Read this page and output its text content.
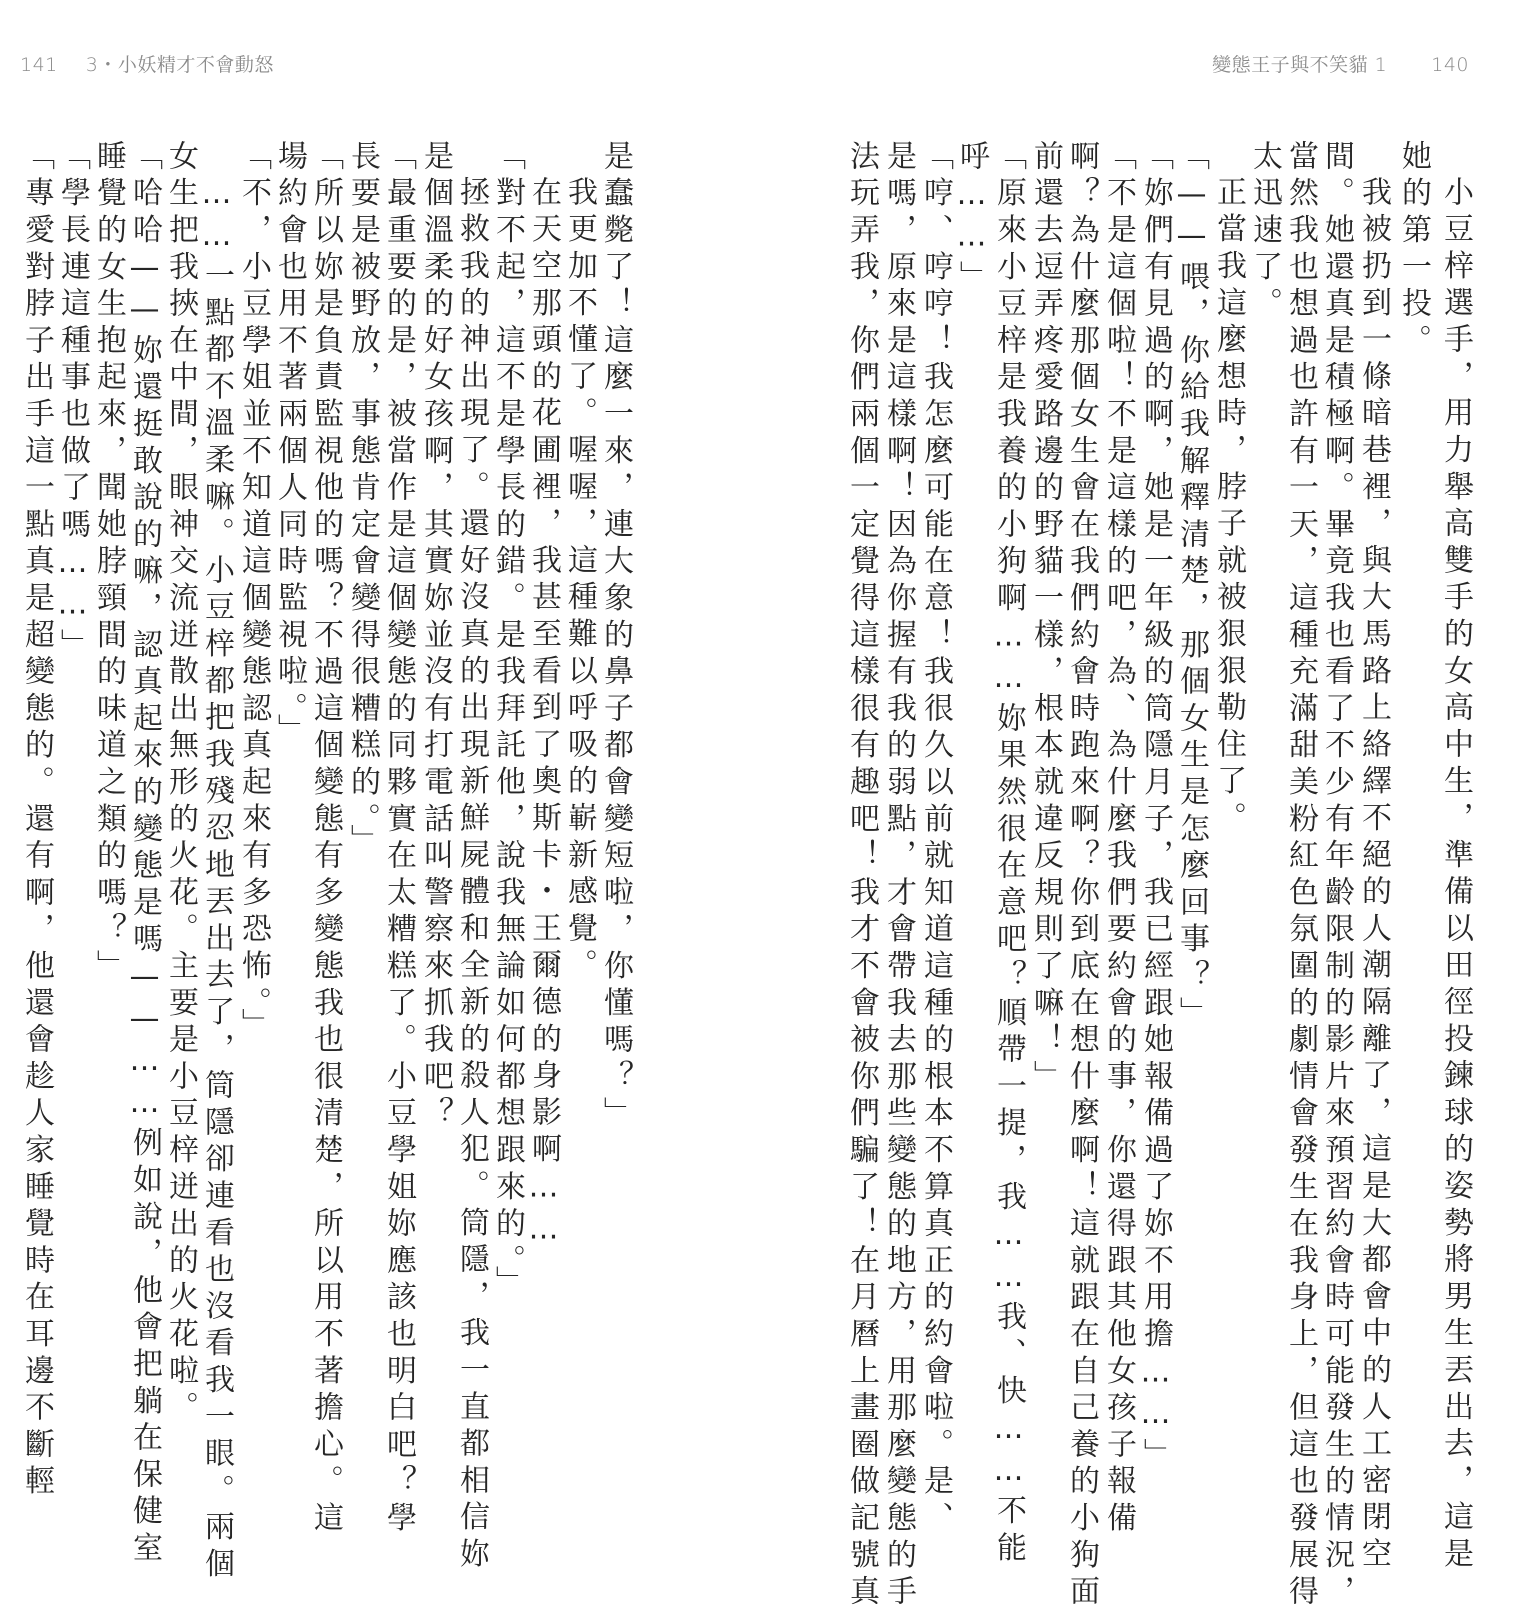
141 3・小妖精才不會動怒	變態王子與不笑貓 1 140
小豆梓選手，用力舉高雙手的女高中生，準備以田徑投鍊球的姿勢將男生丟出去，這是
她的第一投。
我被扔到一條暗巷裡，與大馬路上絡繹不絕的人潮隔離了，這是大都會中的人工密閉空
間。她還真是積極啊。畢竟我也看了不少有年齡限制的影片來預習約會時可能發生的情況，
當然我也想過也許有一天，這種充滿甜美粉紅色氛圍的劇情會發生在我身上，但這也發展得
太迅速了。
正當我這麼想時，脖子就被狠狠勒住了。
「——喂，你給我解釋清楚，那個女生是怎麼回事？」
「妳們有見過的啊，她是一年級的筒隱月子，我已經跟她報備過了妳不用擔……」
「不是這個啦！不是這樣的吧，為、為什麼我們要約會的事，你還得跟其他女孩子報備
啊？為什麼那個女生會在我們約會時跑來啊？你到底在想什麼啊！這就跟在自己養的小狗面
前還去逗弄疼愛路邊的野貓一樣，根本就違反規則了嘛！」
「原來小豆梓是我養的小狗啊……妳果然很在意吧？順帶一提，我……我、快……不能
呼……」
「哼、哼哼！我怎麼可能在意！我很久以前就知道這種的根本不算真正的約會啦。是、
是嗎，原來是這樣啊！因為你握有我的弱點，才會帶我去那些變態的地方，用那麼變態的手
法玩弄我，你們兩個一定覺得這樣很有趣吧！我才不會被你們騙了！在月曆上畫圈做記號真
是蠢斃了！這麼一來，連大象的鼻子都會變短啦，你懂嗎？」
我更加不懂了。喔喔，這種難以呼吸的嶄新感覺。
在天空那頭的花圃裡，我甚至看到了奧斯卡・王爾德的身影啊……
「對不起，這不是學長的錯。是我拜託他，說我無論如何都想跟來的。」
拯救我的神出現了。還好沒真的出現新鮮屍體和全新的殺人犯。筒隱，我一直都相信妳
是個溫柔的好女孩啊，其實妳並沒有打電話叫警察來抓我吧？
「最重要的是，被當作是這個變態的同夥實在太糟糕了。小豆學姐妳應該也明白吧？學
長要是被野放，事態肯定會變得很糟糕的。」
「所以妳是負責監視他的嗎？不過這個變態有多變態我也很清楚，所以用不著擔心。這
場約會也用不著兩個人同時監視啦。」
「不，小豆學姐並不知道這個變態認真起來有多恐怖。」
……一點都不溫柔嘛。小豆梓都把我殘忍地丟出去了，筒隱卻連看也沒看我一眼。兩個
女生把我挾在中間，眼神交流迸散出無形的火花。主要是小豆梓迸出的火花啦。
「哈哈——妳還挺敢說的嘛，認真起來的變態是嗎——……例如說，他會把躺在保健室
睡覺的女生抱起來，聞她脖頸間的味道之類的嗎？」
「學長連這種事也做了嗎……」
「專愛對脖子出手這一點真是超變態的。還有啊，他還會趁人家睡覺時在耳邊不斷輕
